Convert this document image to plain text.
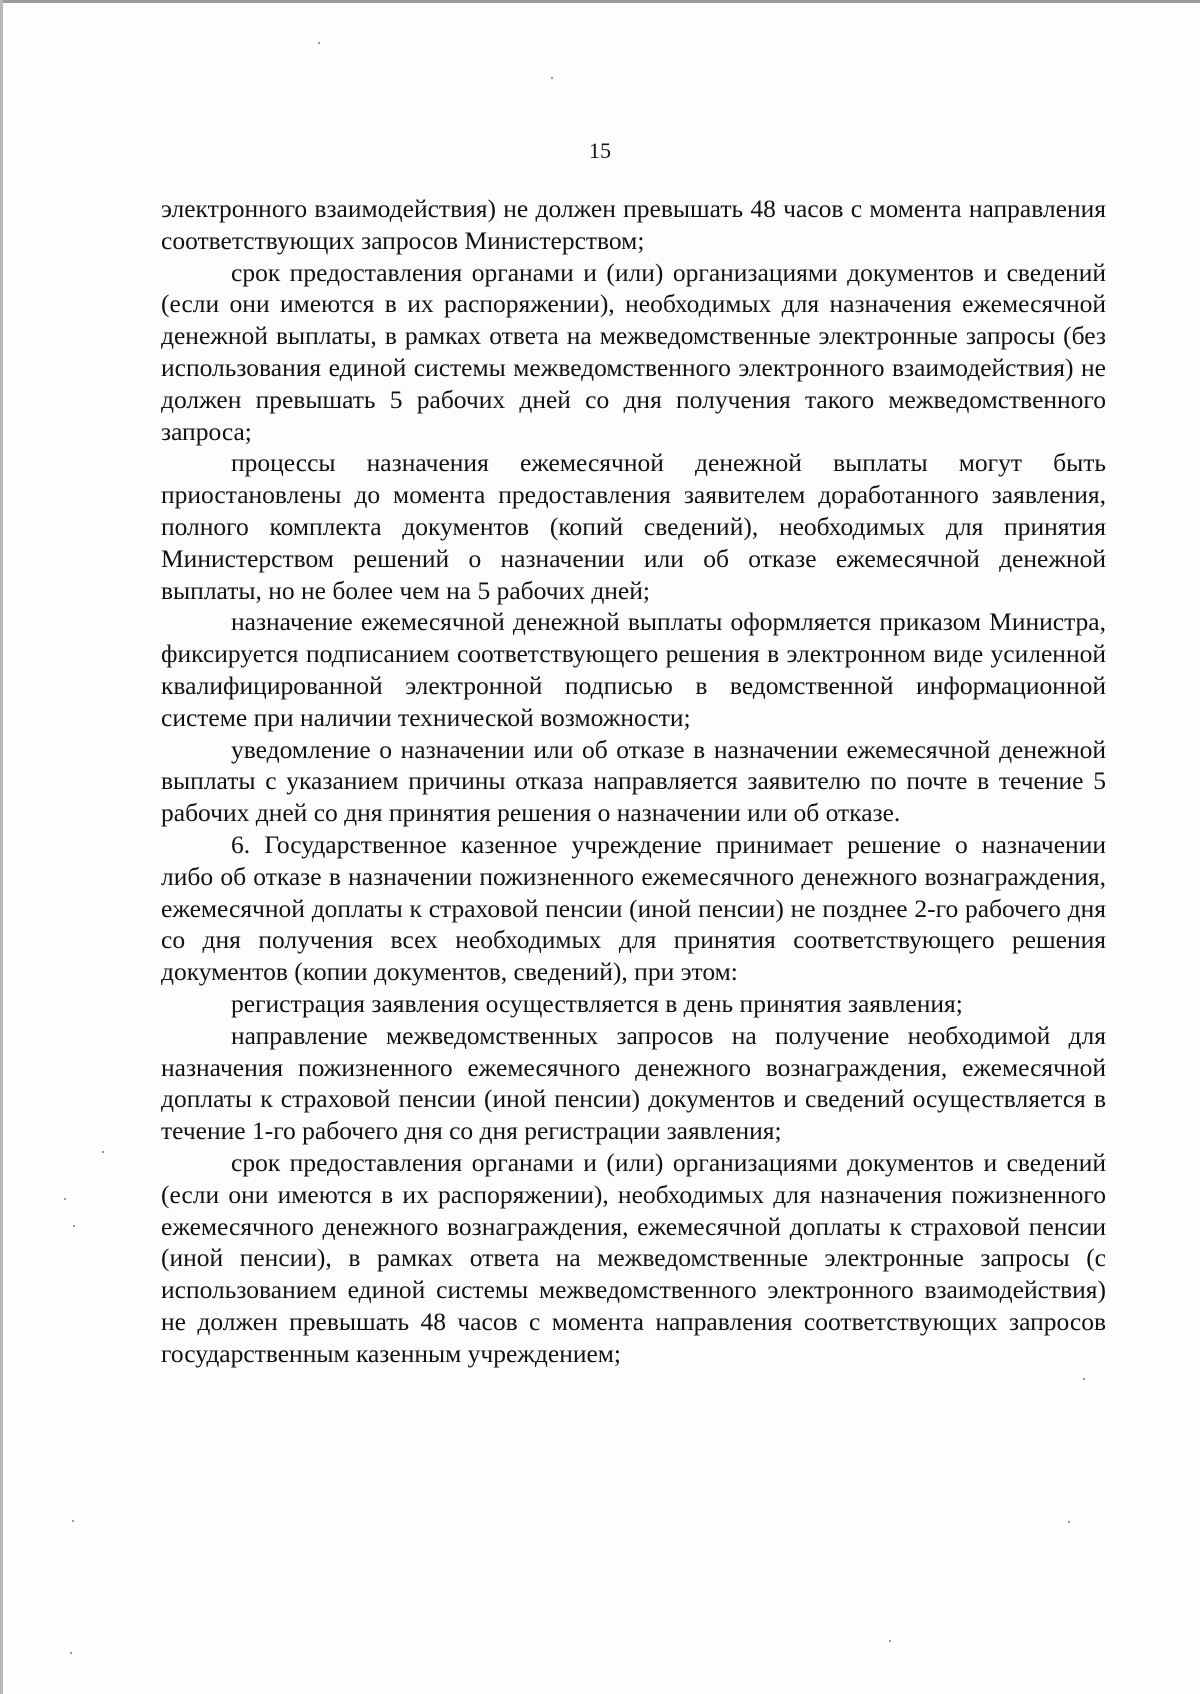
15

электронного взаимодействия) не должен превышать 48 часов с момента направления соответствующих запросов Министерством;

срок предоставления органами и (или) организациями документов и сведений (если они имеются в их распоряжении), необходимых для назначения ежемесячной денежной выплаты, в рамках ответа на межведомственные электронные запросы (без использования единой системы межведомственного электронного взаимодействия) не должен превышать 5 рабочих дней со дня получения такого межведомственного запроса;

процессы назначения ежемесячной денежной выплаты могут быть приостановлены до момента предоставления заявителем доработанного заявления, полного комплекта документов (копий сведений), необходимых для принятия Министерством решений о назначении или об отказе ежемесячной денежной выплаты, но не более чем на 5 рабочих дней;

назначение ежемесячной денежной выплаты оформляется приказом Министра, фиксируется подписанием соответствующего решения в электронном виде усиленной квалифицированной электронной подписью в ведомственной информационной системе при наличии технической возможности;

уведомление о назначении или об отказе в назначении ежемесячной денежной выплаты с указанием причины отказа направляется заявителю по почте в течение 5 рабочих дней со дня принятия решения о назначении или об отказе.

6. Государственное казенное учреждение принимает решение о назначении либо об отказе в назначении пожизненного ежемесячного денежного вознаграждения, ежемесячной доплаты к страховой пенсии (иной пенсии) не позднее 2-го рабочего дня со дня получения всех необходимых для принятия соответствующего решения документов (копии документов, сведений), при этом:

регистрация заявления осуществляется в день принятия заявления;

направление межведомственных запросов на получение необходимой для назначения пожизненного ежемесячного денежного вознаграждения, ежемесячной доплаты к страховой пенсии (иной пенсии) документов и сведений осуществляется в течение 1-го рабочего дня со дня регистрации заявления;

срок предоставления органами и (или) организациями документов и сведений (если они имеются в их распоряжении), необходимых для назначения пожизненного ежемесячного денежного вознаграждения, ежемесячной доплаты к страховой пенсии (иной пенсии), в рамках ответа на межведомственные электронные запросы (с использованием единой системы межведомственного электронного взаимодействия) не должен превышать 48 часов с момента направления соответствующих запросов государственным казенным учреждением;
